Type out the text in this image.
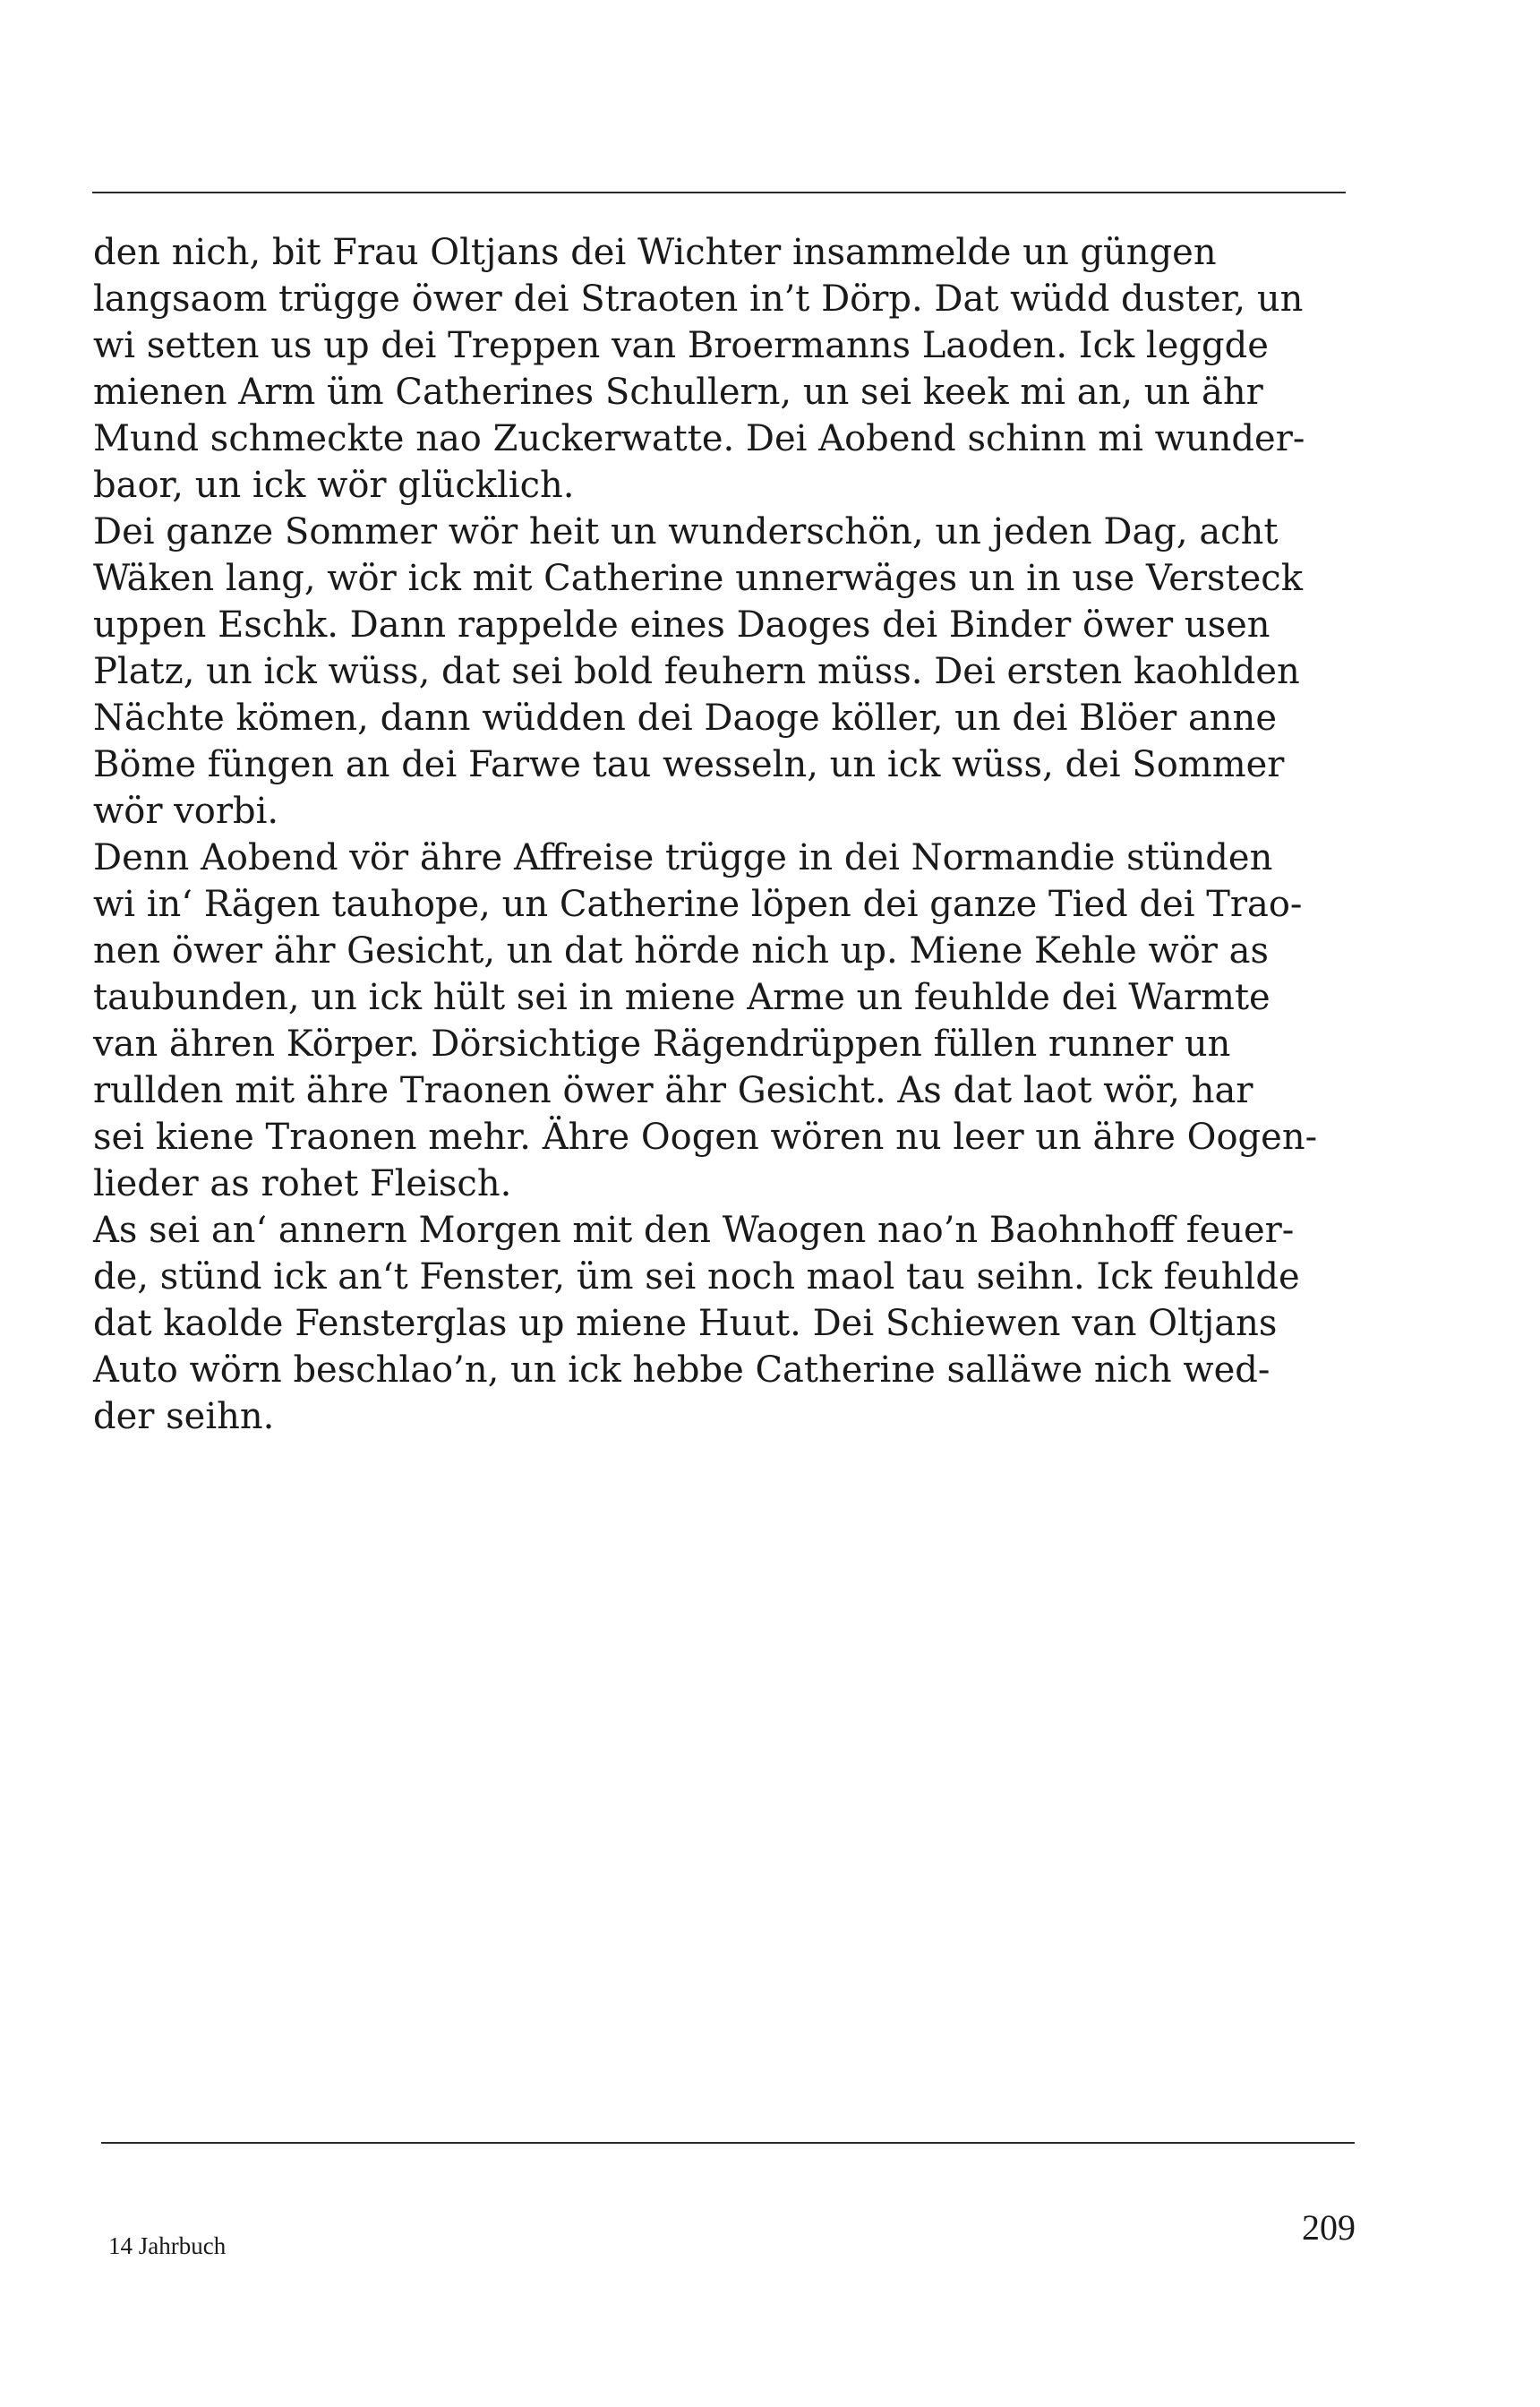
den nich, bit Frau Oltjans dei Wichter insammelde un güngen
langsaom trügge öwer dei Straoten in’t Dörp. Dat wüdd duster, un
wi setten us up dei Treppen van Broermanns Laoden. Ick leggde
mienen Arm üm Catherines Schullern, un sei keek mi an, un ähr
Mund schmeckte nao Zuckerwatte. Dei Aobend schinn mi wunder-
baor, un ick wör glücklich.
Dei ganze Sommer wör heit un wunderschön, un jeden Dag, acht
Wäken lang, wör ick mit Catherine unnerwäges un in use Versteck
uppen Eschk. Dann rappelde eines Daoges dei Binder öwer usen
Platz, un ick wüss, dat sei bold feuhern müss. Dei ersten kaohlden
Nächte kömen, dann wüdden dei Daoge köller, un dei Blöer anne
Böme füngen an dei Farwe tau wesseln, un ick wüss, dei Sommer
wör vorbi.
Denn Aobend vör ähre Affreise trügge in dei Normandie stünden
wi in‘ Rägen tauhope, un Catherine löpen dei ganze Tied dei Trao-
nen öwer ähr Gesicht, un dat hörde nich up. Miene Kehle wör as
taubunden, un ick hült sei in miene Arme un feuhlde dei Warmte
van ähren Körper. Dörsichtige Rägendrüppen füllen runner un
rullden mit ähre Traonen öwer ähr Gesicht. As dat laot wör, har
sei kiene Traonen mehr. Ähre Oogen wören nu leer un ähre Oogen-
lieder as rohet Fleisch.
As sei an‘ annern Morgen mit den Waogen nao’n Baohnhoff feuer-
de, stünd ick an‘t Fenster, üm sei noch maol tau seihn. Ick feuhlde
dat kaolde Fensterglas up miene Huut. Dei Schiewen van Oltjans
Auto wörn beschlao’n, un ick hebbe Catherine salläwe nich wed-
der seihn.
14 Jahrbuch	209
